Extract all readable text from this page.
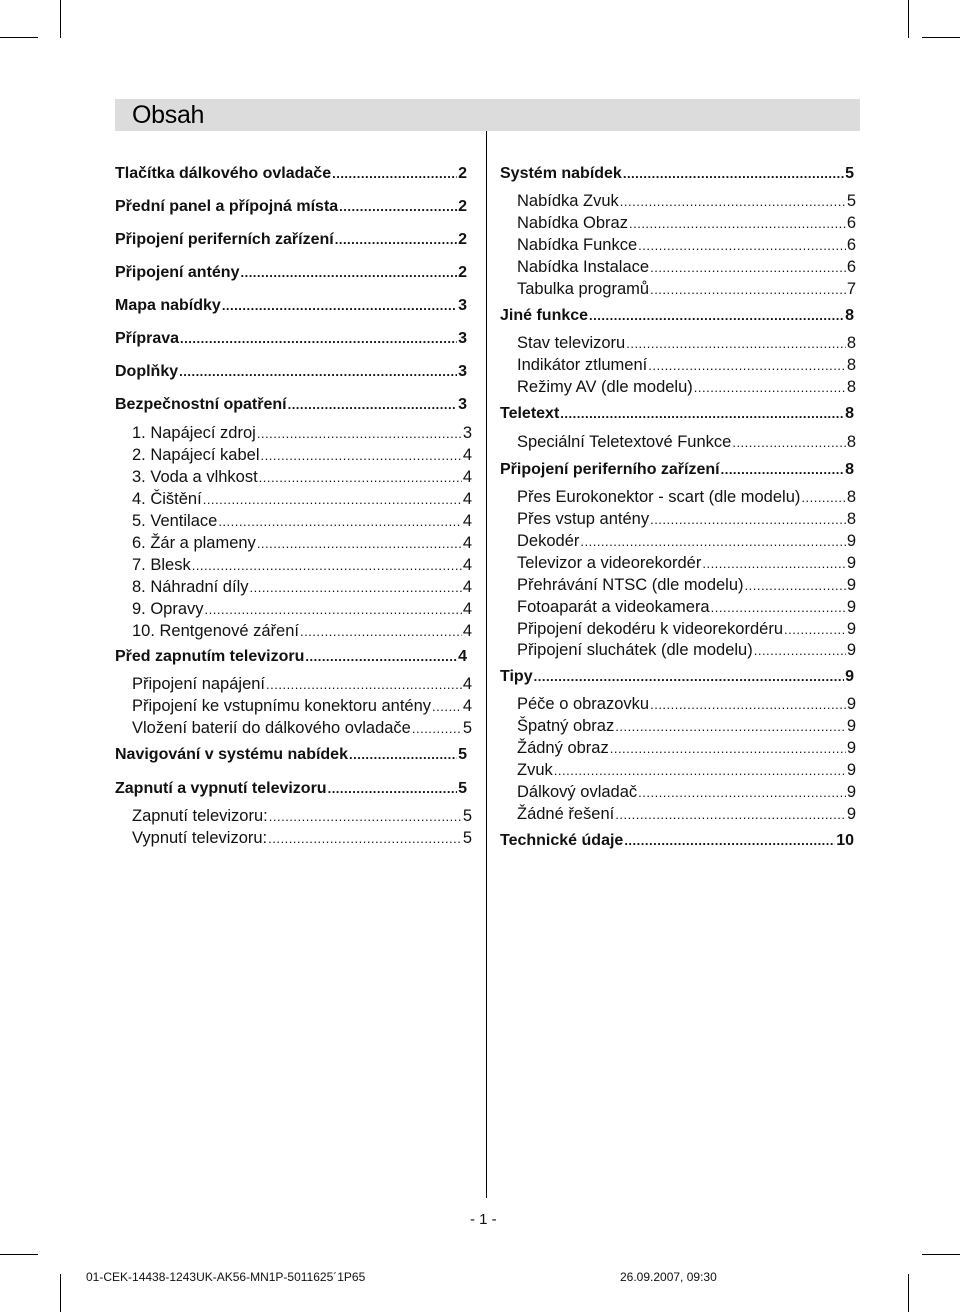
Obsah
Tlačítka dálkového ovladače .....	2
Přední panel a přípojná místa .....	2
Připojení periferních zařízení .....	2
Připojení antény .....	2
Mapa nabídky .....	3
Příprava .....	3
Doplňky .....	3
Bezpečnostní opatření .....	3
1. Napájecí zdroj .....	3
2. Napájecí kabel .....	4
3. Voda a vlhkost .....	4
4. Čištění .....	4
5. Ventilace .....	4
6. Žár a plameny .....	4
7. Blesk .....	4
8. Náhradní díly .....	4
9. Opravy .....	4
10. Rentgenové záření .....	4
Před zapnutím televizoru .....	4
Připojení napájení .....	4
Připojení ke vstupnímu konektoru antény ..... 4
Vložení baterií do dálkového ovladače .....	5
Navigování v systému nabídek .....	5
Zapnutí a vypnutí televizoru .....	5
Zapnutí televizoru: .....	5
Vypnutí televizoru: .....	5
Systém nabídek .....	5
Nabídka Zvuk .....	5
Nabídka Obraz .....	6
Nabídka Funkce .....	6
Nabídka Instalace .....	6
Tabulka programů .....	7
Jiné funkce .....	8
Stav televizoru .....	8
Indikátor ztlumení .....	8
Režimy AV (dle modelu) .....	8
Teletext .....	8
Speciální Teletextové Funkce .....	8
Připojení periferního zařízení .....	8
Přes Eurokonektor - scart (dle modelu) .....	8
Přes vstup antény .....	8
Dekodér .....	9
Televizor a videorekordér .....	9
Přehrávání NTSC (dle modelu) .....	9
Fotoaparát a videokamera .....	9
Připojení dekodéru k videorekordéru .....	9
Připojení sluchátek (dle modelu) .....	9
Tipy .....	9
Péče o obrazovku .....	9
Špatný obraz .....	9
Žádný obraz .....	9
Zvuk .....	9
Dálkový ovladač .....	9
Žádné řešení .....	9
Technické údaje .....	10
- 1 -
01-CEK-14438-1243UK-AK56-MN1P-5011625´1P65	26.09.2007, 09:30
